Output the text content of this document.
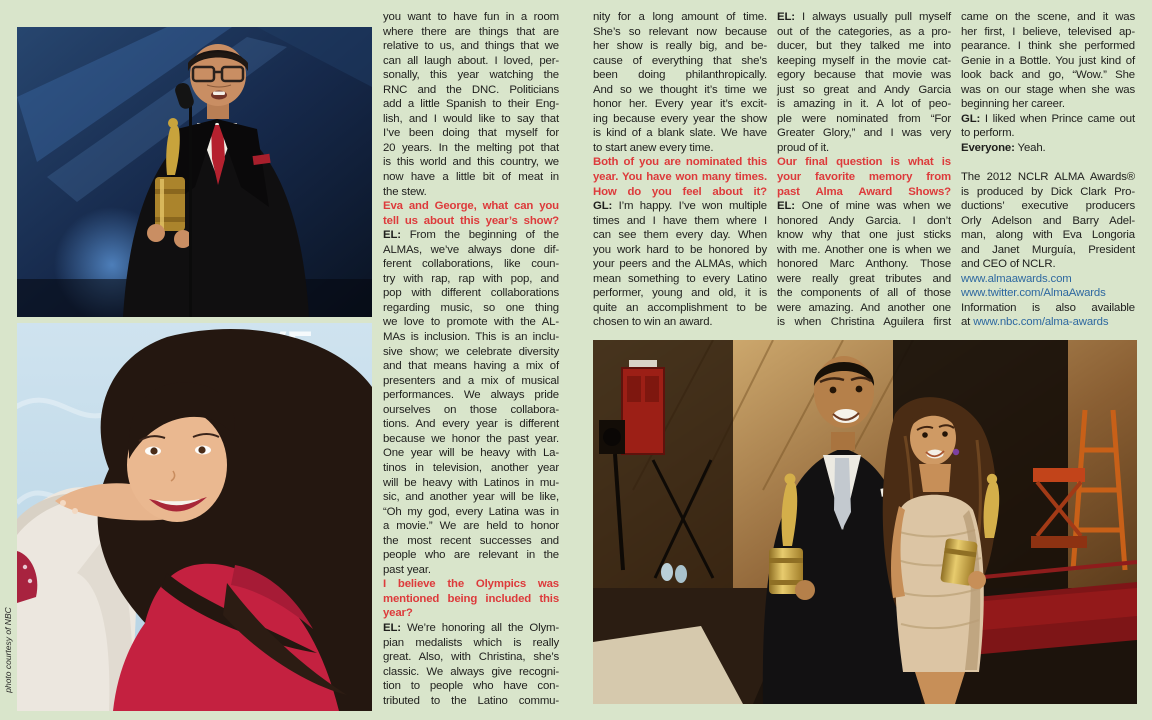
photo courtesy of NBC
you want to have fun in a room
where there are things that are
relative to us, and things that we
can all laugh about. I loved, per-
sonally, this year watching the
RNC and the DNC. Politicians
add a little Spanish to their Eng-
lish, and I would like to say that
I’ve been doing that myself for
20 years. In the melting pot that
is this world and this country, we
now have a little bit of meat in
the stew.
Eva and George, what can you
tell us about this year’s show?
EL: From the beginning of the
ALMAs, we’ve always done dif-
ferent collaborations, like coun-
try with rap, rap with pop, and
pop with different collaborations
regarding music, so one thing
we love to promote with the AL-
MAs is inclusion. This is an inclu-
sive show; we celebrate diversity
and that means having a mix of
presenters and a mix of musical
performances. We always pride
ourselves on those collabora-
tions. And every year is different
because we honor the past year.
One year will be heavy with La-
tinos in television, another year
will be heavy with Latinos in mu-
sic, and another year will be like,
“Oh my god, every Latina was in
a movie.” We are held to honor
the most recent successes and
people who are relevant in the
past year.
I believe the Olympics was
mentioned being included this
year?
EL: We’re honoring all the Olym-
pian medalists which is really
great. Also, with Christina, she’s
classic. We always give recogni-
tion to people who have con-
tributed to the Latino commu-
nity for a long amount of time.
She’s so relevant now because
her show is really big, and be-
cause of everything that she’s
been doing philanthropically.
And so we thought it’s time we
honor her. Every year it’s excit-
ing because every year the show
is kind of a blank slate. We have
to start anew every time.
Both of you are nominated this
year. You have won many times.
How do you feel about it?
GL: I’m happy. I’ve won multiple
times and I have them where I
can see them every day. When
you work hard to be honored by
your peers and the ALMAs, which
mean something to every Latino
performer, young and old, it is
quite an accomplishment to be
chosen to win an award.
EL: I always usually pull myself
out of the categories, as a pro-
ducer, but they talked me into
keeping myself in the movie cat-
egory because that movie was
just so great and Andy Garcia
is amazing in it. A lot of peo-
ple were nominated from “For
Greater Glory,” and I was very
proud of it.
Our final question is what is
your favorite memory from
past Alma Award Shows?
EL: One of mine was when we
honored Andy Garcia. I don’t
know why that one just sticks
with me. Another one is when we
honored Marc Anthony. Those
were really great tributes and
the components of all of those
were amazing. And another one
is when Christina Aguilera first
came on the scene, and it was
her first, I believe, televised ap-
pearance. I think she performed
Genie in a Bottle. You just kind of
look back and go, “Wow.” She
was on our stage when she was
beginning her career.
GL: I liked when Prince came out
to perform.
Everyone: Yeah.

The 2012 NCLR ALMA Awards®
is produced by Dick Clark Pro-
ductions’ executive producers
Orly Adelson and Barry Adel-
man, along with Eva Longoria
and Janet Murguía, President
and CEO of NCLR.
www.almaawards.com
www.twitter.com/AlmaAwards
Information is also available
at www.nbc.com/alma-awards
